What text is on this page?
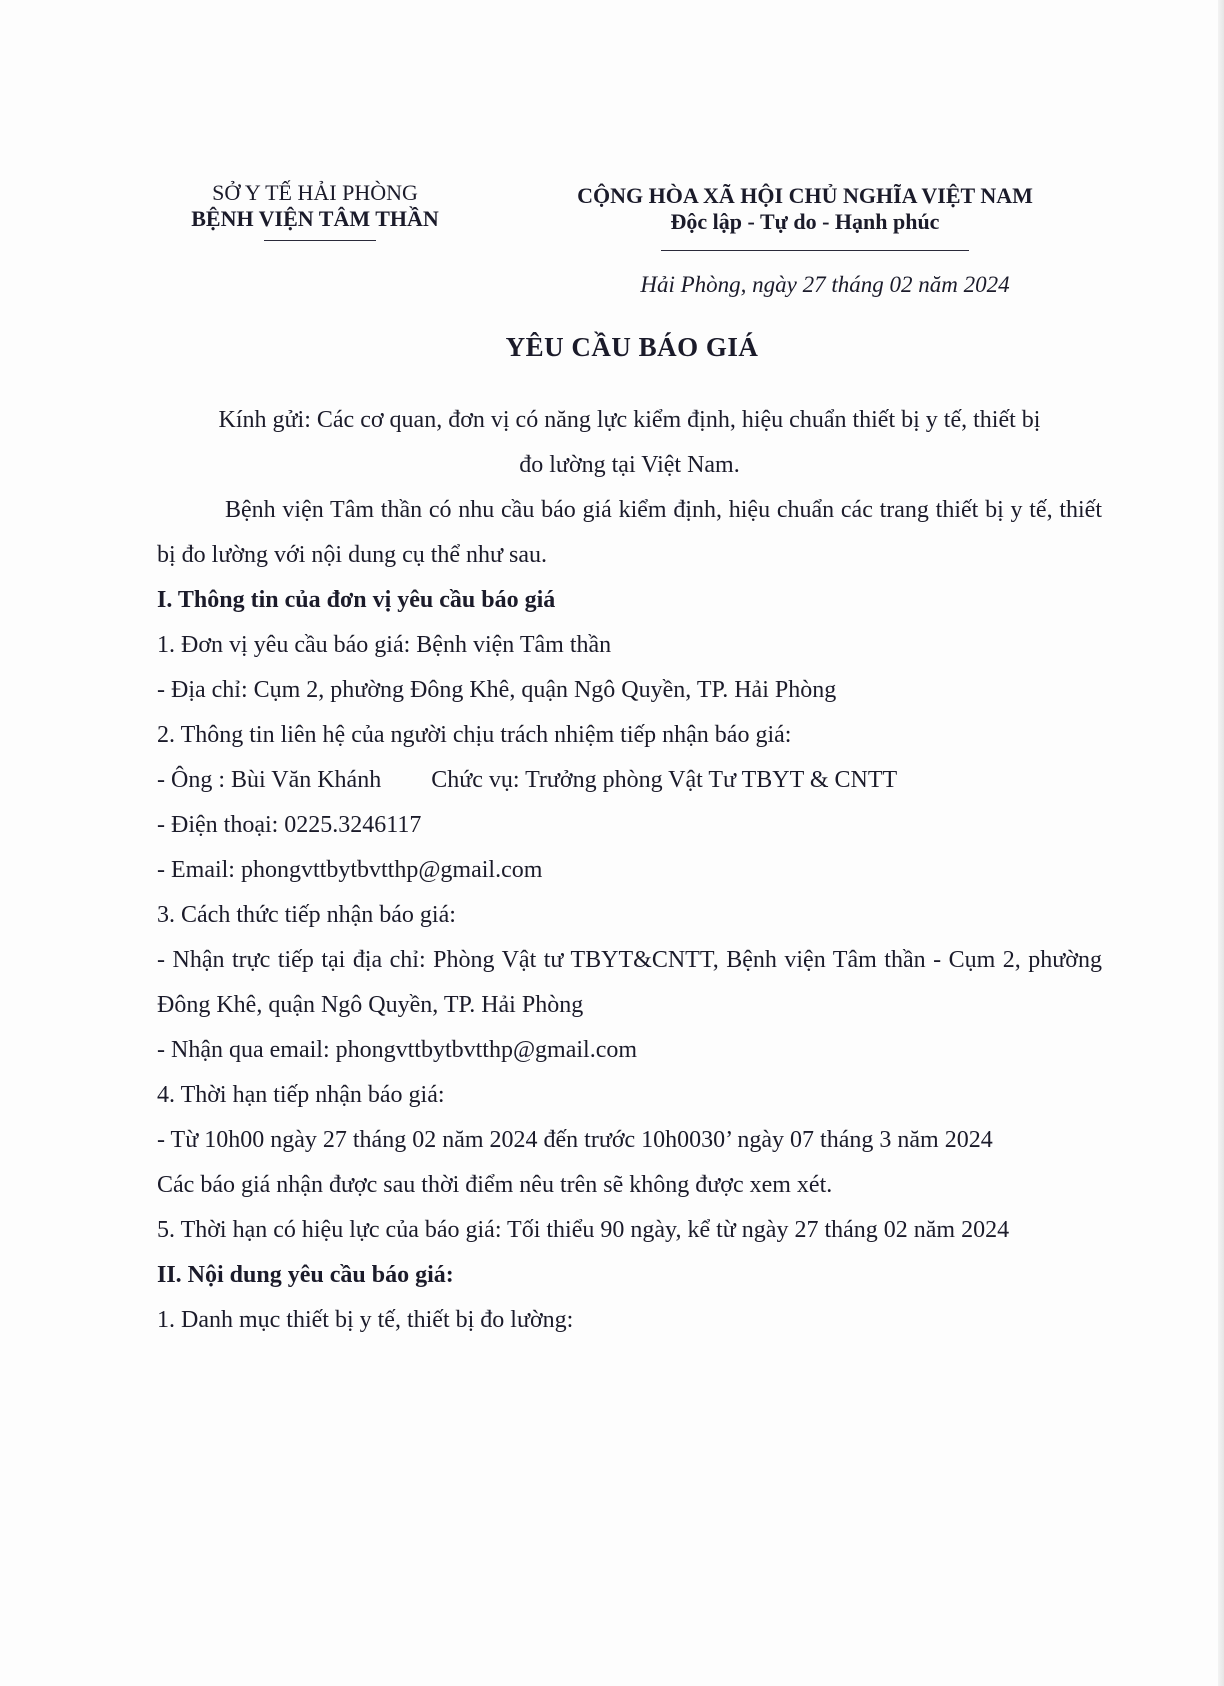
SỞ Y TẾ HẢI PHÒNG
BỆNH VIỆN TÂM THẦN
CỘNG HÒA XÃ HỘI CHỦ NGHĨA VIỆT NAM
Độc lập - Tự do - Hạnh phúc
Hải Phòng, ngày 27 tháng 02 năm 2024
YÊU CẦU BÁO GIÁ

Kính gửi: Các cơ quan, đơn vị có năng lực kiểm định, hiệu chuẩn thiết bị y tế, thiết bị

đo lường tại Việt Nam.

Bệnh viện Tâm thần có nhu cầu báo giá kiểm định, hiệu chuẩn các trang thiết bị y tế, thiết bị đo lường với nội dung cụ thể như sau.

I. Thông tin của đơn vị yêu cầu báo giá

1. Đơn vị yêu cầu báo giá: Bệnh viện Tâm thần

- Địa chỉ: Cụm 2, phường Đông Khê, quận Ngô Quyền, TP. Hải Phòng

2. Thông tin liên hệ của người chịu trách nhiệm tiếp nhận báo giá:

- Ông : Bùi Văn Khánh Chức vụ: Trưởng phòng Vật Tư TBYT & CNTT

- Điện thoại: 0225.3246117

- Email: phongvttbytbvtthp@gmail.com

3. Cách thức tiếp nhận báo giá:

- Nhận trực tiếp tại địa chỉ: Phòng Vật tư TBYT&CNTT, Bệnh viện Tâm thần - Cụm 2, phường Đông Khê, quận Ngô Quyền, TP. Hải Phòng

- Nhận qua email: phongvttbytbvtthp@gmail.com

4. Thời hạn tiếp nhận báo giá:

- Từ 10h00 ngày 27 tháng 02 năm 2024 đến trước 10h0030’ ngày 07 tháng 3 năm 2024

Các báo giá nhận được sau thời điểm nêu trên sẽ không được xem xét.

5. Thời hạn có hiệu lực của báo giá: Tối thiểu 90 ngày, kể từ ngày 27 tháng 02 năm 2024

II. Nội dung yêu cầu báo giá:

1. Danh mục thiết bị y tế, thiết bị đo lường:
